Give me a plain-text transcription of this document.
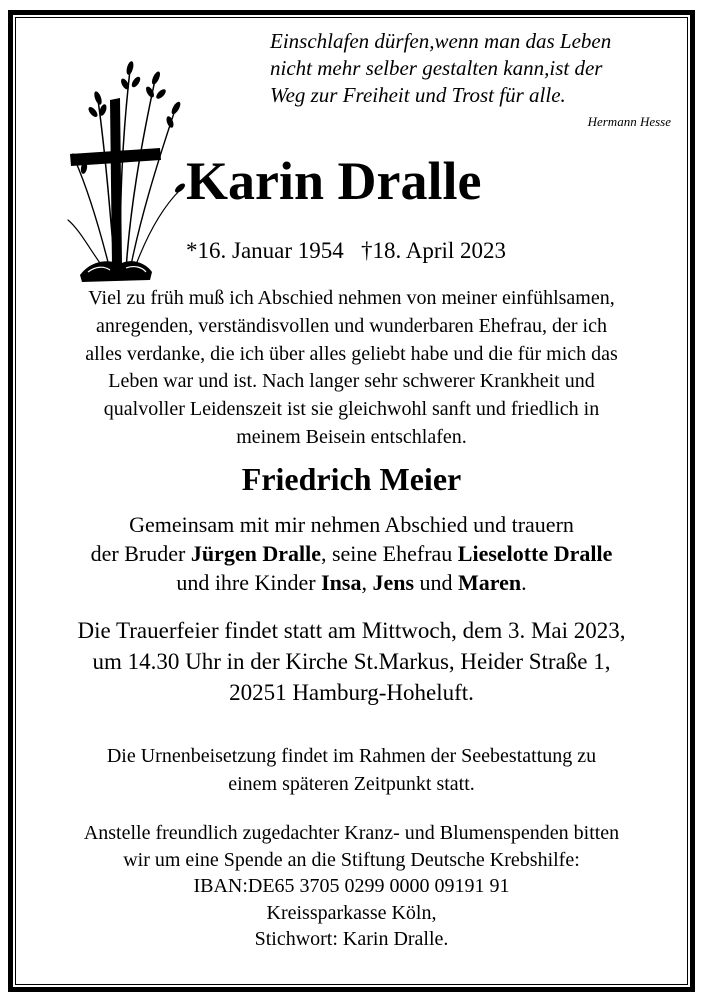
Einschlafen dürfen,wenn man das Leben
nicht mehr selber gestalten kann,ist der
Weg zur Freiheit und Trost für alle.
Hermann Hesse
Karin Dralle
*16. Januar 1954 †18. April 2023
Viel zu früh muß ich Abschied nehmen von meiner einfühlsamen,
anregenden, verständisvollen und wunderbaren Ehefrau, der ich
alles verdanke, die ich über alles geliebt habe und die für mich das
Leben war und ist. Nach langer sehr schwerer Krankheit und
qualvoller Leidenszeit ist sie gleichwohl sanft und friedlich in
meinem Beisein entschlafen.
Friedrich Meier
Gemeinsam mit mir nehmen Abschied und trauern
der Bruder Jürgen Dralle, seine Ehefrau Lieselotte Dralle
und ihre Kinder Insa, Jens und Maren.
Die Trauerfeier findet statt am Mittwoch, dem 3. Mai 2023,
um 14.30 Uhr in der Kirche St.Markus, Heider Straße 1,
20251 Hamburg-Hoheluft.
Die Urnenbeisetzung findet im Rahmen der Seebestattung zu
einem späteren Zeitpunkt statt.
Anstelle freundlich zugedachter Kranz- und Blumenspenden bitten
wir um eine Spende an die Stiftung Deutsche Krebshilfe:
IBAN:DE65 3705 0299 0000 09191 91
Kreissparkasse Köln,
Stichwort: Karin Dralle.
